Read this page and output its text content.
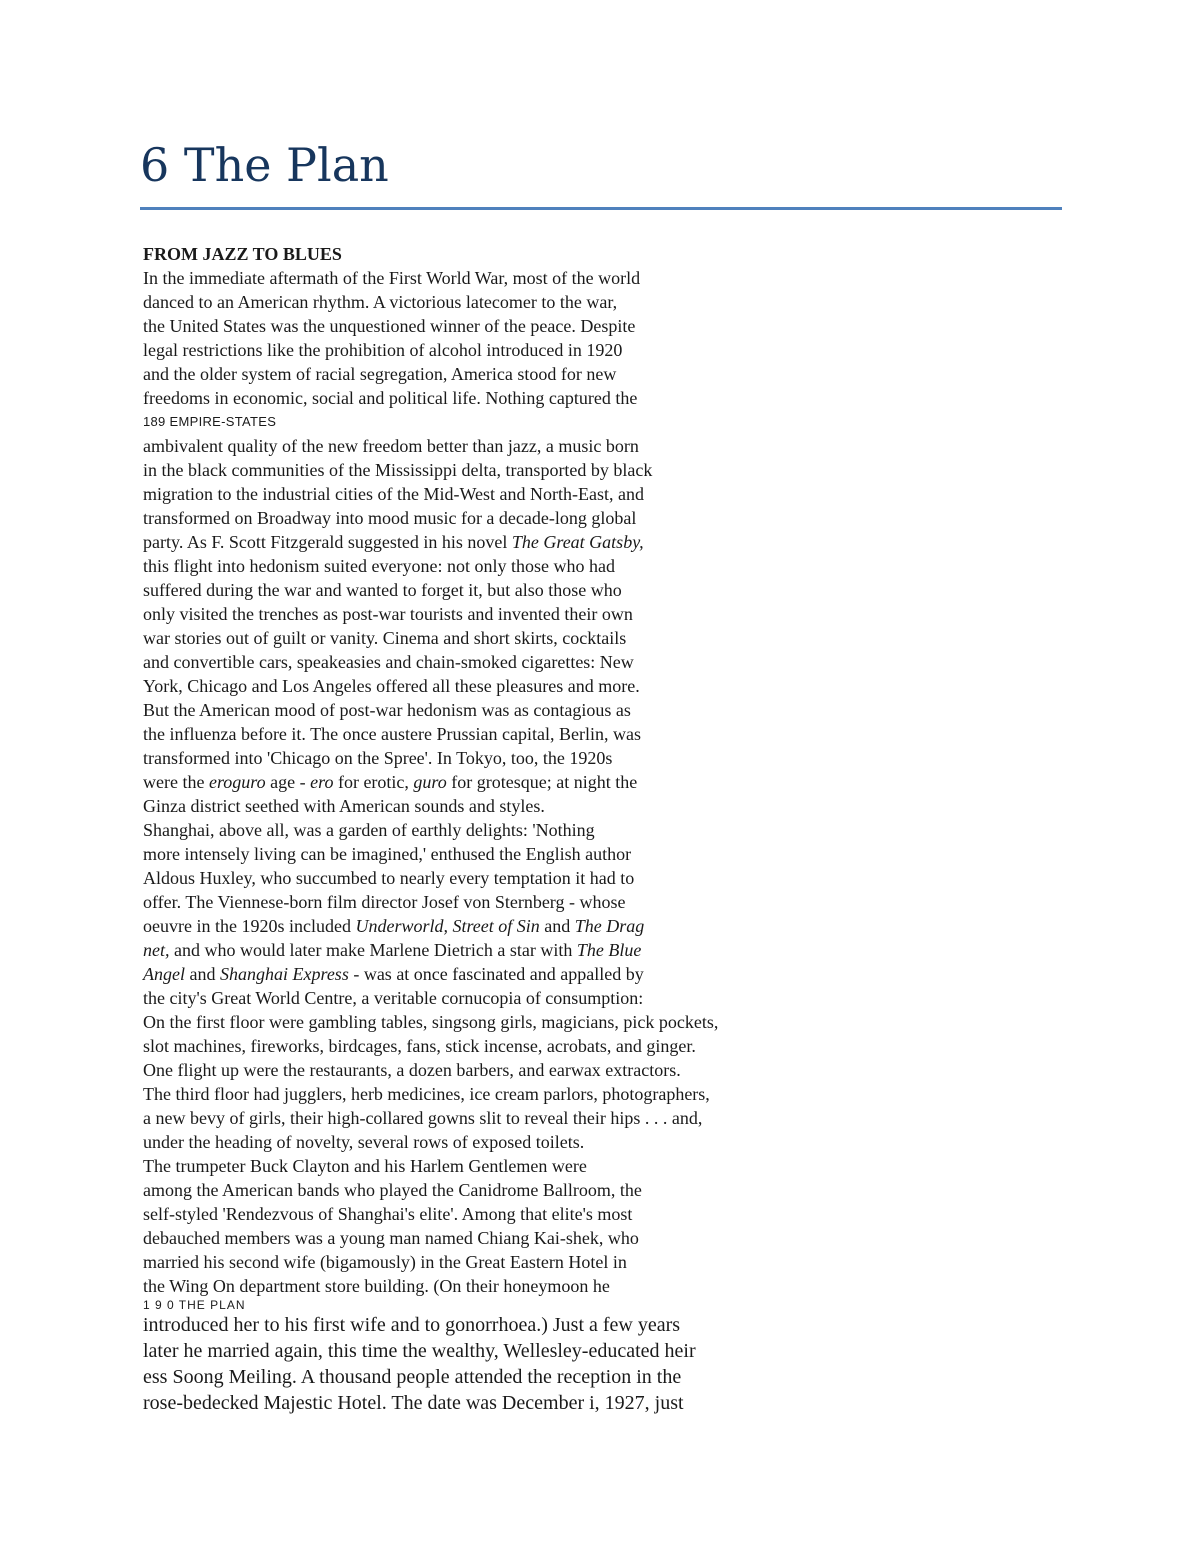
6 The Plan
FROM JAZZ TO BLUES
In the immediate aftermath of the First World War, most of the world
danced to an American rhythm. A victorious latecomer to the war,
the United States was the unquestioned winner of the peace. Despite
legal restrictions like the prohibition of alcohol introduced in 1920
and the older system of racial segregation, America stood for new
freedoms in economic, social and political life. Nothing captured the
189 EMPIRE-STATES
ambivalent quality of the new freedom better than jazz, a music born
in the black communities of the Mississippi delta, transported by black
migration to the industrial cities of the Mid-West and North-East, and
transformed on Broadway into mood music for a decade-long global
party. As F. Scott Fitzgerald suggested in his novel The Great Gatsby,
this flight into hedonism suited everyone: not only those who had
suffered during the war and wanted to forget it, but also those who
only visited the trenches as post-war tourists and invented their own
war stories out of guilt or vanity. Cinema and short skirts, cocktails
and convertible cars, speakeasies and chain-smoked cigarettes: New
York, Chicago and Los Angeles offered all these pleasures and more.
But the American mood of post-war hedonism was as contagious as
the influenza before it. The once austere Prussian capital, Berlin, was
transformed into 'Chicago on the Spree'. In Tokyo, too, the 1920s
were the eroguro age - ero for erotic, guro for grotesque; at night the
Ginza district seethed with American sounds and styles.
Shanghai, above all, was a garden of earthly delights: 'Nothing
more intensely living can be imagined,' enthused the English author
Aldous Huxley, who succumbed to nearly every temptation it had to
offer. The Viennese-born film director Josef von Sternberg - whose
oeuvre in the 1920s included Underworld, Street of Sin and The Drag
net, and who would later make Marlene Dietrich a star with The Blue
Angel and Shanghai Express - was at once fascinated and appalled by
the city's Great World Centre, a veritable cornucopia of consumption:
On the first floor were gambling tables, singsong girls, magicians, pick pockets,
slot machines, fireworks, birdcages, fans, stick incense, acrobats, and ginger.
One flight up were the restaurants, a dozen barbers, and earwax extractors.
The third floor had jugglers, herb medicines, ice cream parlors, photographers,
a new bevy of girls, their high-collared gowns slit to reveal their hips . . . and,
under the heading of novelty, several rows of exposed toilets.
The trumpeter Buck Clayton and his Harlem Gentlemen were
among the American bands who played the Canidrome Ballroom, the
self-styled 'Rendezvous of Shanghai's elite'. Among that elite's most
debauched members was a young man named Chiang Kai-shek, who
married his second wife (bigamously) in the Great Eastern Hotel in
the Wing On department store building. (On their honeymoon he
1 9 0 THE PLAN
introduced her to his first wife and to gonorrhoea.) Just a few years
later he married again, this time the wealthy, Wellesley-educated heir
ess Soong Meiling. A thousand people attended the reception in the
rose-bedecked Majestic Hotel. The date was December i, 1927, just
